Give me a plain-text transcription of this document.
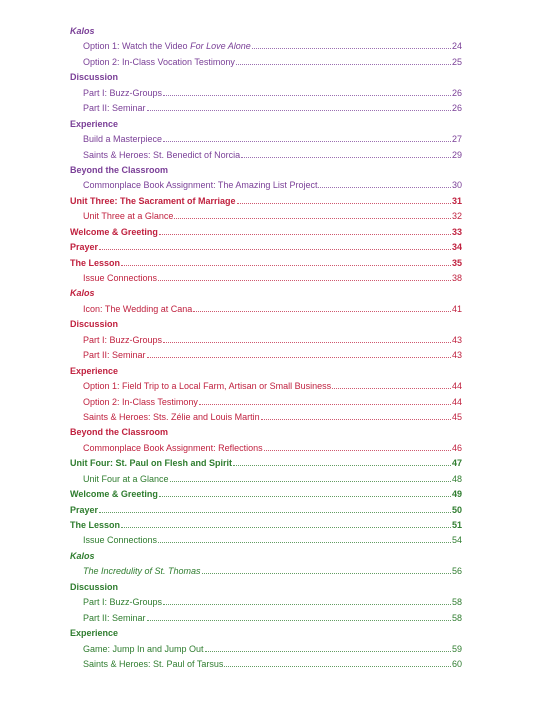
Kalos
Option 1: Watch the Video For Love Alone	24
Option 2: In-Class Vocation Testimony	25
Discussion
Part I: Buzz-Groups	26
Part II: Seminar	26
Experience
Build a Masterpiece	27
Saints & Heroes: St. Benedict of Norcia	29
Beyond the Classroom
Commonplace Book Assignment: The Amazing List Project	30
Unit Three: The Sacrament of Marriage	31
Unit Three at a Glance	32
Welcome & Greeting	33
Prayer	34
The Lesson	35
Issue Connections	38
Kalos
Icon: The Wedding at Cana	41
Discussion
Part I: Buzz-Groups	43
Part II: Seminar	43
Experience
Option 1: Field Trip to a Local Farm, Artisan or Small Business	44
Option 2: In-Class Testimony	44
Saints & Heroes: Sts. Zélie and Louis Martin	45
Beyond the Classroom
Commonplace Book Assignment: Reflections	46
Unit Four: St. Paul on Flesh and Spirit	47
Unit Four at a Glance	48
Welcome & Greeting	49
Prayer	50
The Lesson	51
Issue Connections	54
Kalos
The Incredulity of St. Thomas	56
Discussion
Part I: Buzz-Groups	58
Part II: Seminar	58
Experience
Game: Jump In and Jump Out	59
Saints & Heroes: St. Paul of Tarsus	60
